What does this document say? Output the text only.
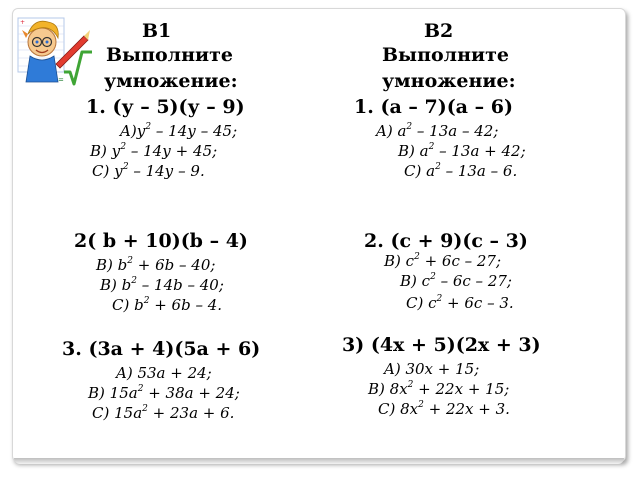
+
=
В1
Выполните
умножение:
1. (у – 5)(у – 9)
$A)у^2 - 14у - 45$;
B) $у^2 - 14у + 45$;
C) $у^2 - 14у - 9$.
2( b + 10)(b – 4)
B) $b^2 + 6b - 40$;
B) $b^2 - 14b - 40$;
C) $b^2 + 6b - 4$.
3. (3a + 4)(5a + 6)
A) 53a + 24;
B) $15a^2 + 38a + 24$;
C) $15a^2 + 23a + 6$.
В2
Выполните
умножение:
1. (а – 7)(а – 6)
A) $а^2 - 13а - 42$;
B) $а^2 - 13а + 42$;
C) $а^2 - 13а - 6$.
2. (с + 9)(с – 3)
B) $с^2 + 6с - 27$;
B) $с^2 - 6с - 27$;
C) $с^2 + 6с - 3$.
3) (4x + 5)(2x + 3)
A) 30x + 15;
B) $8x^2 + 22x + 15$;
C) $8x^2 + 22x + 3$.
